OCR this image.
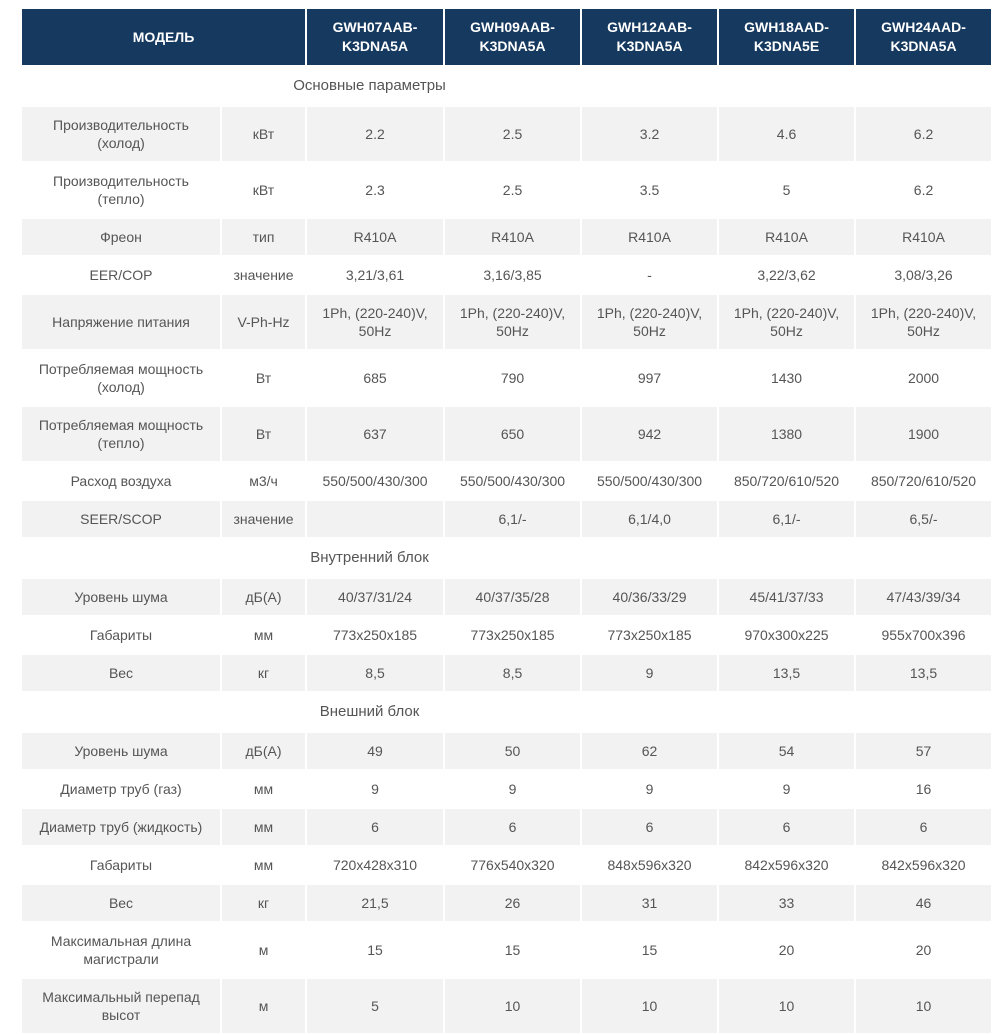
МОДЕЛЬ		GWH07AAB-K3DNA5A	GWH09AAB-K3DNA5A	GWH12AAB-K3DNA5A	GWH18AAD-K3DNA5E	GWH24AAD-K3DNA5A
Основные параметры						
Производительность (холод)	кВт	2.2	2.5	3.2	4.6	6.2
Производительность (тепло)	кВт	2.3	2.5	3.5	5	6.2
Фреон	тип	R410A	R410A	R410A	R410A	R410A
EER/COP	значение	3,21/3,61	3,16/3,85	-	3,22/3,62	3,08/3,26
Напряжение питания	V-Ph-Hz	1Ph, (220-240)V, 50Hz	1Ph, (220-240)V, 50Hz	1Ph, (220-240)V, 50Hz	1Ph, (220-240)V, 50Hz	1Ph, (220-240)V, 50Hz
Потребляемая мощность (холод)	Вт	685	790	997	1430	2000
Потребляемая мощность (тепло)	Вт	637	650	942	1380	1900
Расход воздуха	м3/ч	550/500/430/300	550/500/430/300	550/500/430/300	850/720/610/520	850/720/610/520
SEER/SCOP	значение		6,1/-	6,1/4,0	6,1/-	6,5/-
Внутренний блок						
Уровень шума	дБ(А)	40/37/31/24	40/37/35/28	40/36/33/29	45/41/37/33	47/43/39/34
Габариты	мм	773x250x185	773x250x185	773x250x185	970x300x225	955x700x396
Вес	кг	8,5	8,5	9	13,5	13,5
Внешний блок						
Уровень шума	дБ(А)	49	50	62	54	57
Диаметр труб (газ)	мм	9	9	9	9	16
Диаметр труб (жидкость)	мм	6	6	6	6	6
Габариты	мм	720x428x310	776x540x320	848x596x320	842x596x320	842x596x320
Вес	кг	21,5	26	31	33	46
Максимальная длина магистрали	м	15	15	15	20	20
Максимальный перепад высот	м	5	10	10	10	10
